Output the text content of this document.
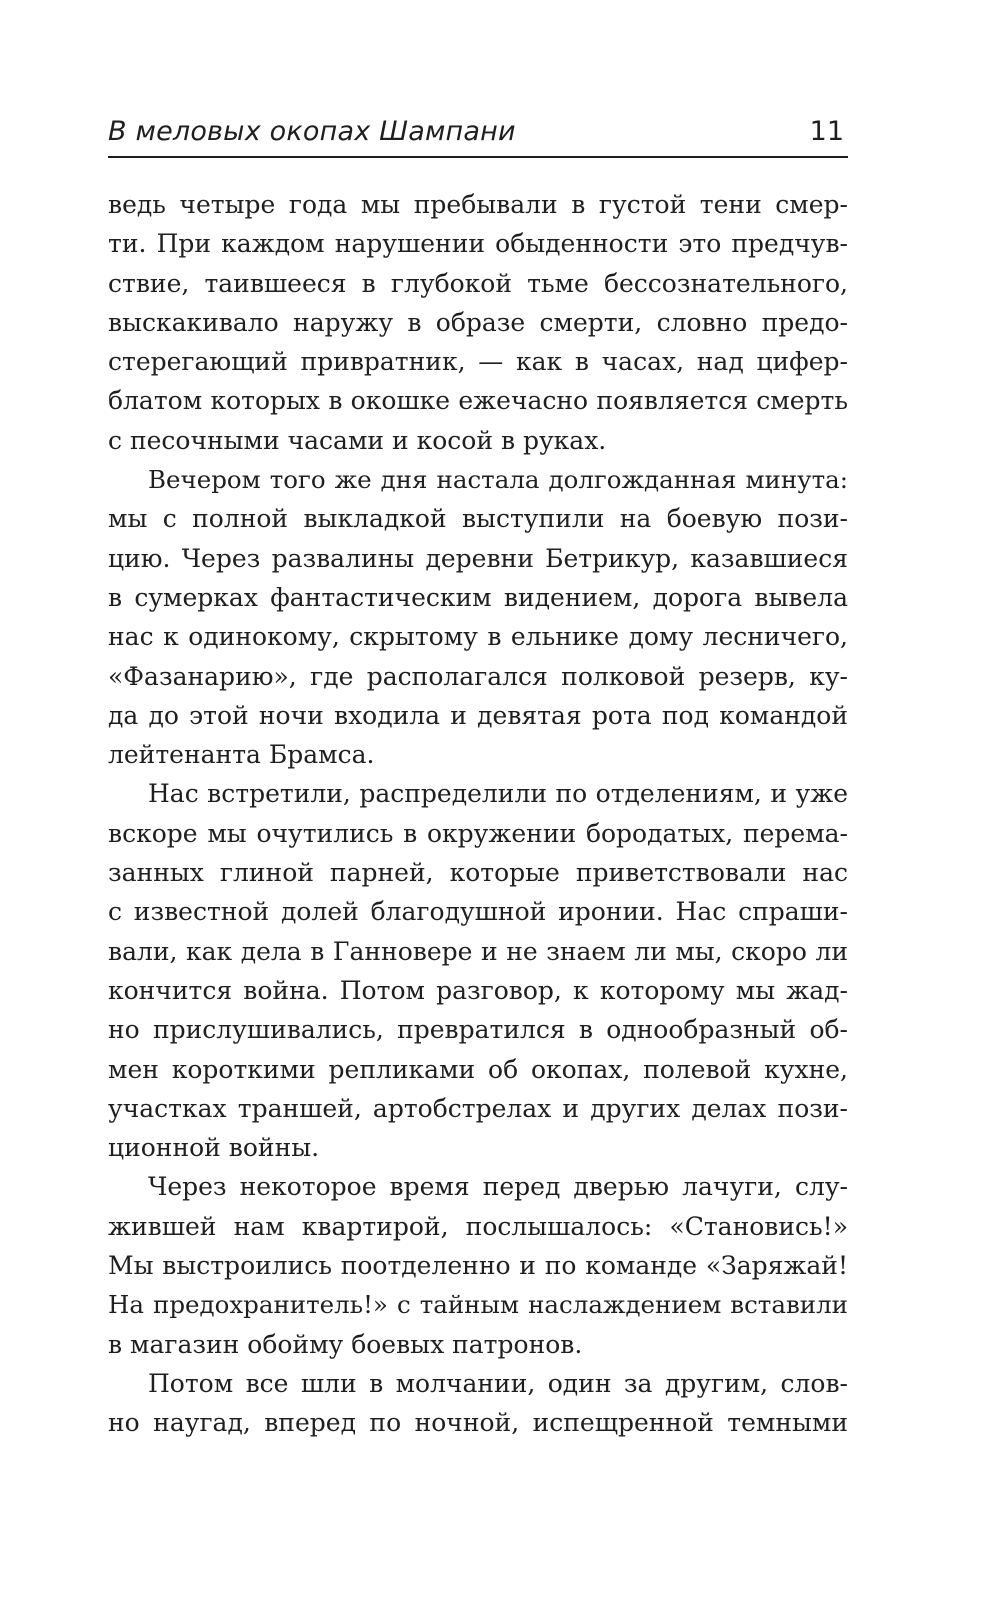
В меловых окопах Шампани	11
ведь четыре года мы пребывали в густой тени смер-
ти. При каждом нарушении обыденности это предчув-
ствие, таившееся в глубокой тьме бессознательного,
выскакивало наружу в образе смерти, словно предо-
стерегающий привратник, — как в часах, над цифер-
блатом которых в окошке ежечасно появляется смерть
с песочными часами и косой в руках.
Вечером того же дня настала долгожданная минута:
мы с полной выкладкой выступили на боевую пози-
цию. Через развалины деревни Бетрикур, казавшиеся
в сумерках фантастическим видением, дорога вывела
нас к одинокому, скрытому в ельнике дому лесничего,
«Фазанарию», где располагался полковой резерв, ку-
да до этой ночи входила и девятая рота под командой
лейтенанта Брамса.
Нас встретили, распределили по отделениям, и уже
вскоре мы очутились в окружении бородатых, перема-
занных глиной парней, которые приветствовали нас
с известной долей благодушной иронии. Нас спраши-
вали, как дела в Ганновере и не знаем ли мы, скоро ли
кончится война. Потом разговор, к которому мы жад-
но прислушивались, превратился в однообразный об-
мен короткими репликами об окопах, полевой кухне,
участках траншей, артобстрелах и других делах пози-
ционной войны.
Через некоторое время перед дверью лачуги, слу-
жившей нам квартирой, послышалось: «Становись!»
Мы выстроились поотделенно и по команде «Заряжай!
На предохранитель!» с тайным наслаждением вставили
в магазин обойму боевых патронов.
Потом все шли в молчании, один за другим, слов-
но наугад, вперед по ночной, испещренной темными
